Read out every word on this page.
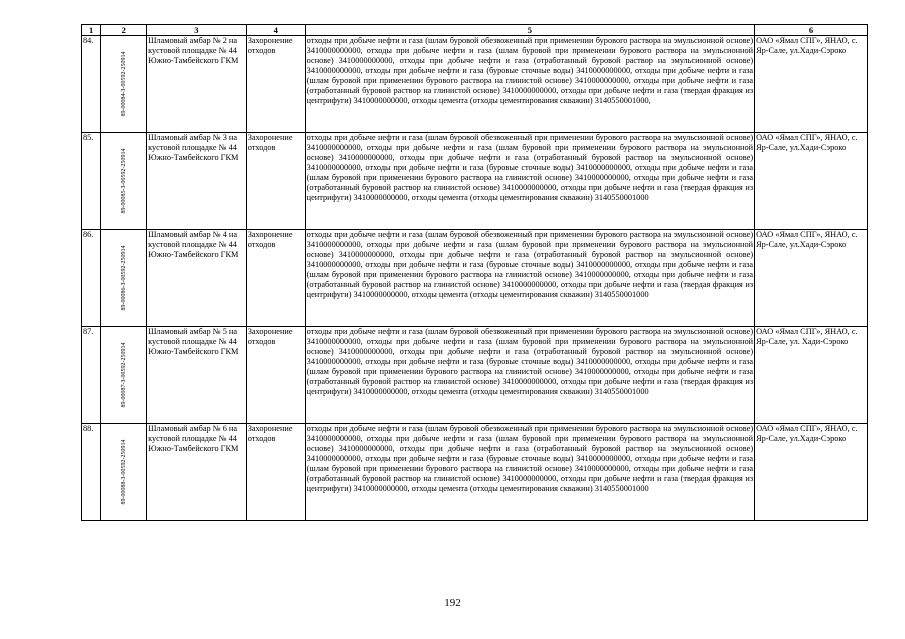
1	2	3	4	5	6
84.	89-00084-З-00592-250914	Шламовый амбар № 2 на кустовой площадке № 44 Южно-Тамбейского ГКМ	Захоронение отходов	отходы при добыче нефти и газа (шлам буровой обезвоженный при применении бурового раствора на эмульсионной основе) 3410000000000, отходы при добыче нефти и газа (шлам буровой при применении бурового раствора на эмульсионной основе) 3410000000000, отходы при добыче нефти и газа (отработанный буровой раствор на эмульсионной основе) 3410000000000, отходы при добыче нефти и газа (буровые сточные воды) 3410000000000, отходы при добыче нефти и газа (шлам буровой при применении бурового раствора на глинистой основе) 3410000000000, отходы при добыче нефти и газа (отработанный буровой раствор на глинистой основе) 3410000000000, отходы при добыче нефти и газа (твердая фракция из центрифуги) 3410000000000, отходы цемента (отходы цементирования скважин) 3140550001000,	ОАО «Ямал СПГ», ЯНАО, с. Яр-Сале, ул.Хади-Сэроко
85.	89-00085-З-00592-250914	Шламовый амбар № 3 на кустовой площадке № 44 Южно-Тамбейского ГКМ	Захоронение отходов	отходы при добыче нефти и газа (шлам буровой обезвоженный при применении бурового раствора на эмульсионной основе) 3410000000000, отходы при добыче нефти и газа (шлам буровой при применении бурового раствора на эмульсионной основе) 3410000000000, отходы при добыче нефти и газа (отработанный буровой раствор на эмульсионной основе) 3410000000000, отходы при добыче нефти и газа (буровые сточные воды) 3410000000000, отходы при добыче нефти и газа (шлам буровой при применении бурового раствора на глинистой основе) 3410000000000, отходы при добыче нефти и газа (отработанный буровой раствор на глинистой основе) 3410000000000, отходы при добыче нефти и газа (твердая фракция из центрифуги) 3410000000000, отходы цемента (отходы цементирования скважин) 3140550001000	ОАО «Ямал СПГ», ЯНАО, с. Яр-Сале, ул.Хади-Сэроко
86.	89-00086-З-00592-250914	Шламовый амбар № 4 на кустовой площадке № 44 Южно-Тамбейского ГКМ	Захоронение отходов	отходы при добыче нефти и газа (шлам буровой обезвоженный при применении бурового раствора на эмульсионной основе) 3410000000000, отходы при добыче нефти и газа (шлам буровой при применении бурового раствора на эмульсионной основе) 3410000000000, отходы при добыче нефти и газа (отработанный буровой раствор на эмульсионной основе) 3410000000000, отходы при добыче нефти и газа (буровые сточные воды) 3410000000000, отходы при добыче нефти и газа (шлам буровой при применении бурового раствора на глинистой основе) 3410000000000, отходы при добыче нефти и газа (отработанный буровой раствор на глинистой основе) 3410000000000, отходы при добыче нефти и газа (твердая фракция из центрифуги) 3410000000000, отходы цемента (отходы цементирования скважин) 3140550001000	ОАО «Ямал СПГ», ЯНАО, с. Яр-Сале, ул.Хади-Сэроко
87.	89-00087-З-00592-250914	Шламовый амбар № 5 на кустовой площадке № 44 Южно-Тамбейского ГКМ	Захоронение отходов	отходы при добыче нефти и газа (шлам буровой обезвоженный при применении бурового раствора на эмульсионной основе) 3410000000000, отходы при добыче нефти и газа (шлам буровой при применении бурового раствора на эмульсионной основе) 3410000000000, отходы при добыче нефти и газа (отработанный буровой раствор на эмульсионной основе) 3410000000000, отходы при добыче нефти и газа (буровые сточные воды) 3410000000000, отходы при добыче нефти и газа (шлам буровой при применении бурового раствора на глинистой основе) 3410000000000, отходы при добыче нефти и газа (отработанный буровой раствор на глинистой основе) 3410000000000, отходы при добыче нефти и газа (твердая фракция из центрифуги) 3410000000000, отходы цемента (отходы цементирования скважин) 3140550001000	ОАО «Ямал СПГ», ЯНАО, с. Яр-Сале, ул. Хади-Сэроко
88.	89-00088-З-00592-250914	Шламовый амбар № 6 на кустовой площадке № 44 Южно-Тамбейского ГКМ	Захоронение отходов	отходы при добыче нефти и газа (шлам буровой обезвоженный при применении бурового раствора на эмульсионной основе) 3410000000000, отходы при добыче нефти и газа (шлам буровой при применении бурового раствора на эмульсионной основе) 3410000000000, отходы при добыче нефти и газа (отработанный буровой раствор на эмульсионной основе) 3410000000000, отходы при добыче нефти и газа (буровые сточные воды) 3410000000000, отходы при добыче нефти и газа (шлам буровой при применении бурового раствора на глинистой основе) 3410000000000, отходы при добыче нефти и газа (отработанный буровой раствор на глинистой основе) 3410000000000, отходы при добыче нефти и газа (твердая фракция из центрифуги) 3410000000000, отходы цемента (отходы цементирования скважин) 3140550001000	ОАО «Ямал СПГ», ЯНАО, с. Яр-Сале, ул.Хади-Сэроко
192
